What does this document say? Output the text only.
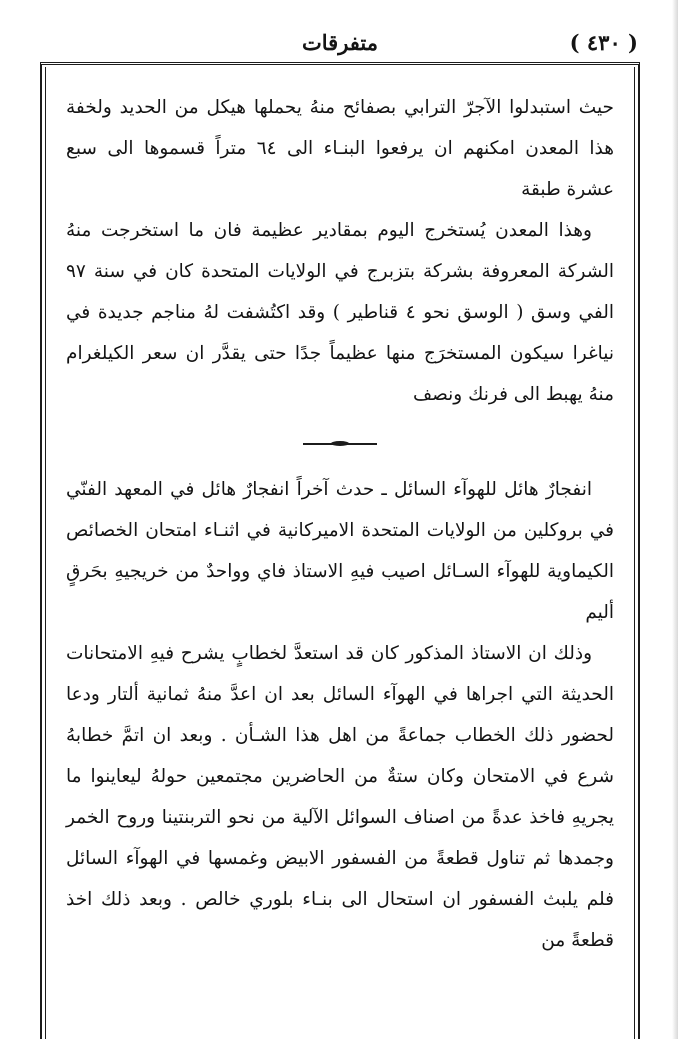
( ٤٣٠ )
متفرقات

حيث استبدلوا الآجرّ الترابي بصفائح منهُ يحملها هيكل من الحديد ولخفة هذا المعدن امكنهم ان يرفعوا البنـاء الى ٦٤ متراً قسموها الى سبع عشرة طبقة

وهذا المعدن يُستخرج اليوم بمقادير عظيمة فان ما استخرجت منهُ الشركة المعروفة بشركة بتزبرج في الولايات المتحدة كان في سنة ٩٧ الفي وسق ( الوسق نحو ٤ قناطير ) وقد اكتُشفت لهُ مناجم جديدة في نياغرا سيكون المستخرَج منها عظيماً جدًا حتى يقدَّر ان سعر الكيلغرام منهُ يهبط الى فرنك ونصف

انفجارٌ هائل للهوآء السائل ـ حدث آخراً انفجارٌ هائل في المعهد الفنّي في بروكلين من الولايات المتحدة الاميركانية في اثنـاء امتحان الخصائص الكيماوية للهوآء السـائل اصيب فيهِ الاستاذ فاي وواحدٌ من خريجيهِ بحَرقٍ أليم

وذلك ان الاستاذ المذكور كان قد استعدَّ لخطابٍ يشرح فيهِ الامتحانات الحديثة التي اجراها في الهوآء السائل بعد ان اعدَّ منهُ ثمانية ألتار ودعا لحضور ذلك الخطاب جماعةً من اهل هذا الشـأن . وبعد ان اتمَّ خطابهُ شرع في الامتحان وكان ستةٌ من الحاضرين مجتمعين حولهُ ليعاينوا ما يجريهِ فاخذ عدةً من اصناف السوائل الآلية من نحو التربنتينا وروح الخمر وجمدها ثم تناول قطعةً من الفسفور الابيض وغمسها في الهوآء السائل فلم يلبث الفسفور ان استحال الى بنـاء بلوري خالص . وبعد ذلك اخذ قطعةً من
